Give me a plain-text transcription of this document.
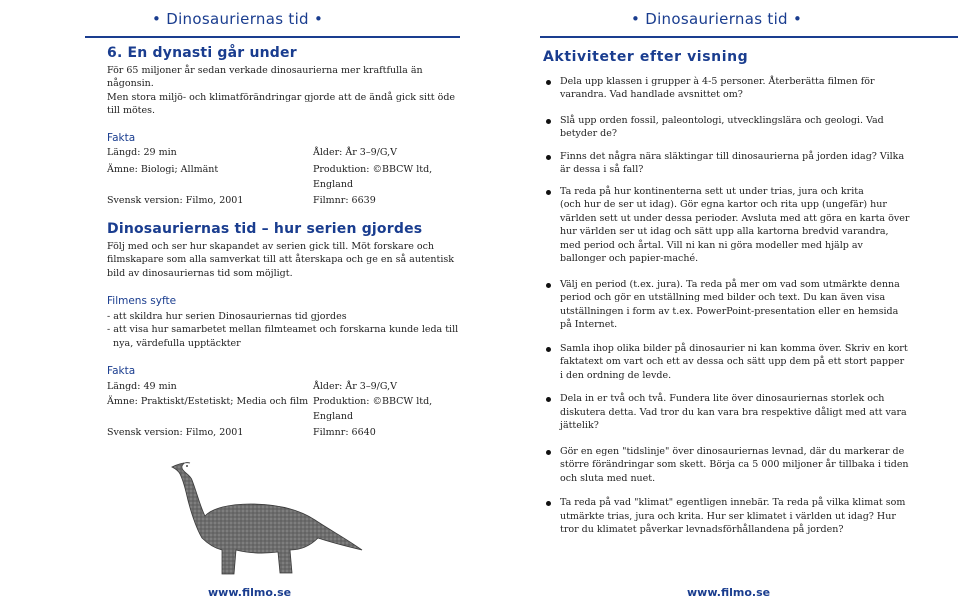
• Dinosauriernas tid •	• Dinosauriernas tid •
6. En dynasti går under

För 65 miljoner år sedan verkade dinosaurierna mer kraftfulla än någonsin.

Men stora miljö- och klimatförändringar gjorde att de ändå gick sitt öde

till mötes.

Fakta
Längd: 29 min	Ålder: År 3–9/G,V
Ämne: Biologi; Allmänt	Produktion: ©BBCW ltd,
England
Svensk version: Filmo, 2001	Filmnr: 6639
Dinosauriernas tid – hur serien gjordes

Följ med och ser hur skapandet av serien gick till. Möt forskare och

filmskapare som alla samverkat till att återskapa och ge en så autentisk

bild av dinosauriernas tid som möjligt.

Filmens syfte

- att skildra hur serien Dinosauriernas tid gjordes

- att visa hur samarbetet mellan filmteamet och forskarna kunde leda till

nya, värdefulla upptäckter

Fakta
Längd: 49 min	Ålder: År 3–9/G,V
Ämne: Praktiskt/Estetiskt; Media och film Produktion: ©BBCW ltd,
England
Svensk version: Filmo, 2001	Filmnr: 6640
Aktiviteter efter visning

Dela upp klassen i grupper à 4-5 personer. Återberätta filmen för

varandra. Vad handlade avsnittet om?

Slå upp orden fossil, paleontologi, utvecklingslära och geologi. Vad

betyder de?

Finns det några nära släktingar till dinosaurierna på jorden idag? Vilka

är dessa i så fall?

Ta reda på hur kontinenterna sett ut under trias, jura och krita

(och hur de ser ut idag). Gör egna kartor och rita upp (ungefär) hur

världen sett ut under dessa perioder. Avsluta med att göra en karta över

hur världen ser ut idag och sätt upp alla kartorna bredvid varandra,

med period och årtal. Vill ni kan ni göra modeller med hjälp av

ballonger och papier-maché.

Välj en period (t.ex. jura). Ta reda på mer om vad som utmärkte denna

period och gör en utställning med bilder och text. Du kan även visa

utställningen i form av t.ex. PowerPoint-presentation eller en hemsida

på Internet.

Samla ihop olika bilder på dinosaurier ni kan komma över. Skriv en kort

faktatext om vart och ett av dessa och sätt upp dem på ett stort papper

i den ordning de levde.

Dela in er två och två. Fundera lite över dinosauriernas storlek och

diskutera detta. Vad tror du kan vara bra respektive dåligt med att vara

jättelik?

Gör en egen "tidslinje" över dinosauriernas levnad, där du markerar de

större förändringar som skett. Börja ca 5 000 miljoner år tillbaka i tiden

och sluta med nuet.

Ta reda på vad "klimat" egentligen innebär. Ta reda på vilka klimat som

utmärkte trias, jura och krita. Hur ser klimatet i världen ut idag? Hur

tror du klimatet påverkar levnadsförhållandena på jorden?

www.filmo.se	www.filmo.se
